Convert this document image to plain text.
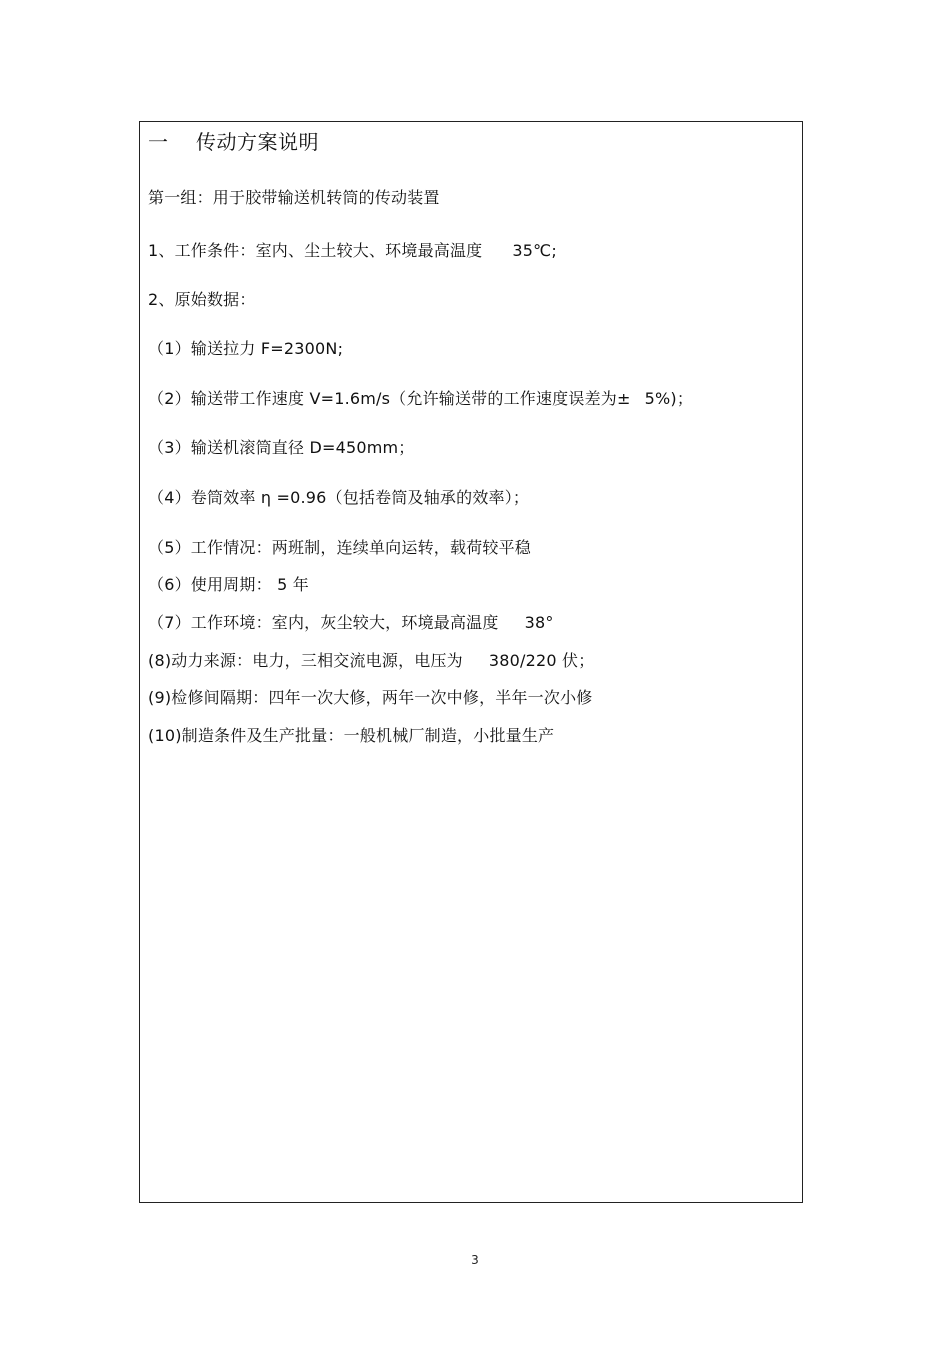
一 传动方案说明
第一组：用于胶带输送机转筒的传动装置
1、工作条件：室内、尘土较大、环境最高温度 35℃;
2、原始数据：
（1）输送拉力 F=2300N;
（2）输送带工作速度 V=1.6m/s（允许输送带的工作速度误差为± 5%)；
（3）输送机滚筒直径 D=450mm；
（4）卷筒效率 η =0.96（包括卷筒及轴承的效率）；
（5）工作情况：两班制，连续单向运转，载荷较平稳
（6）使用周期： 5 年
（7）工作环境：室内，灰尘较大，环境最高温度 38°
(8)动力来源：电力，三相交流电源，电压为 380/220 伏；
(9)检修间隔期：四年一次大修，两年一次中修，半年一次小修
(10)制造条件及生产批量：一般机械厂制造，小批量生产
3
